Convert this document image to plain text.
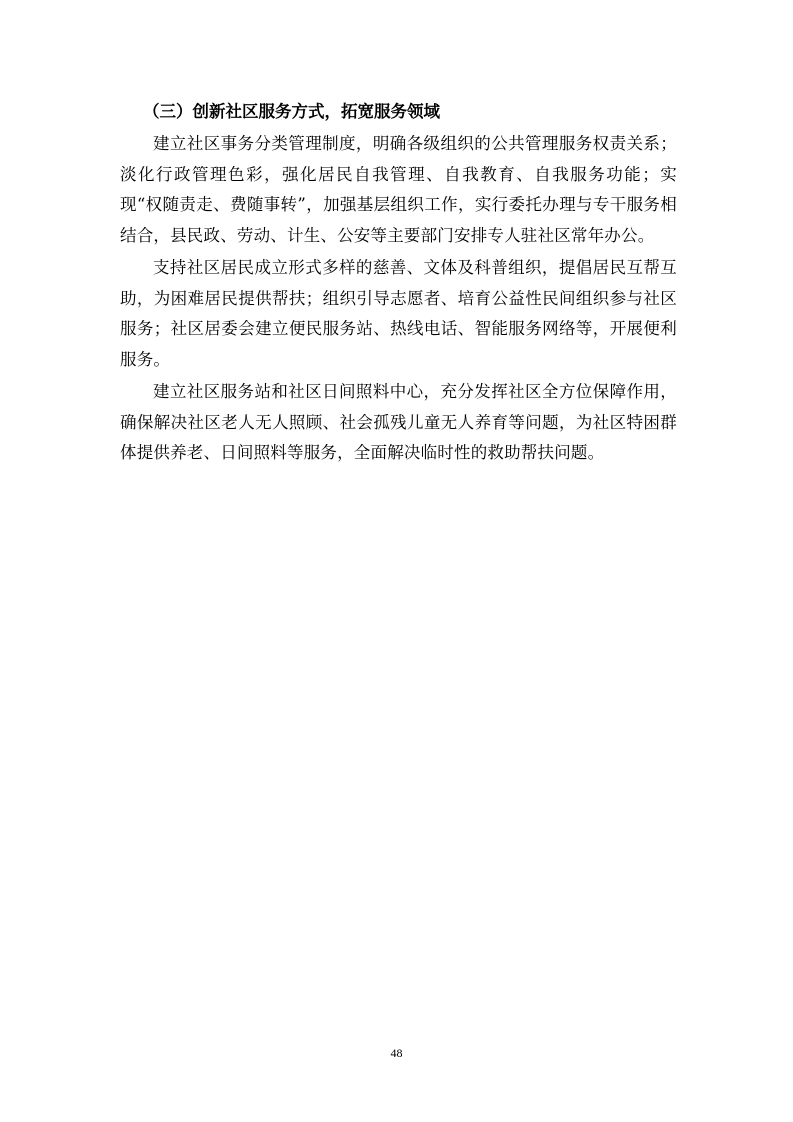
（三）创新社区服务方式，拓宽服务领域

建立社区事务分类管理制度，明确各级组织的公共管理服务权责关系；淡化行政管理色彩，强化居民自我管理、自我教育、自我服务功能；实现“权随责走、费随事转”，加强基层组织工作，实行委托办理与专干服务相结合，县民政、劳动、计生、公安等主要部门安排专人驻社区常年办公。

支持社区居民成立形式多样的慈善、文体及科普组织，提倡居民互帮互助，为困难居民提供帮扶；组织引导志愿者、培育公益性民间组织参与社区服务；社区居委会建立便民服务站、热线电话、智能服务网络等，开展便利服务。

建立社区服务站和社区日间照料中心，充分发挥社区全方位保障作用，确保解决社区老人无人照顾、社会孤残儿童无人养育等问题，为社区特困群体提供养老、日间照料等服务，全面解决临时性的救助帮扶问题。

48
